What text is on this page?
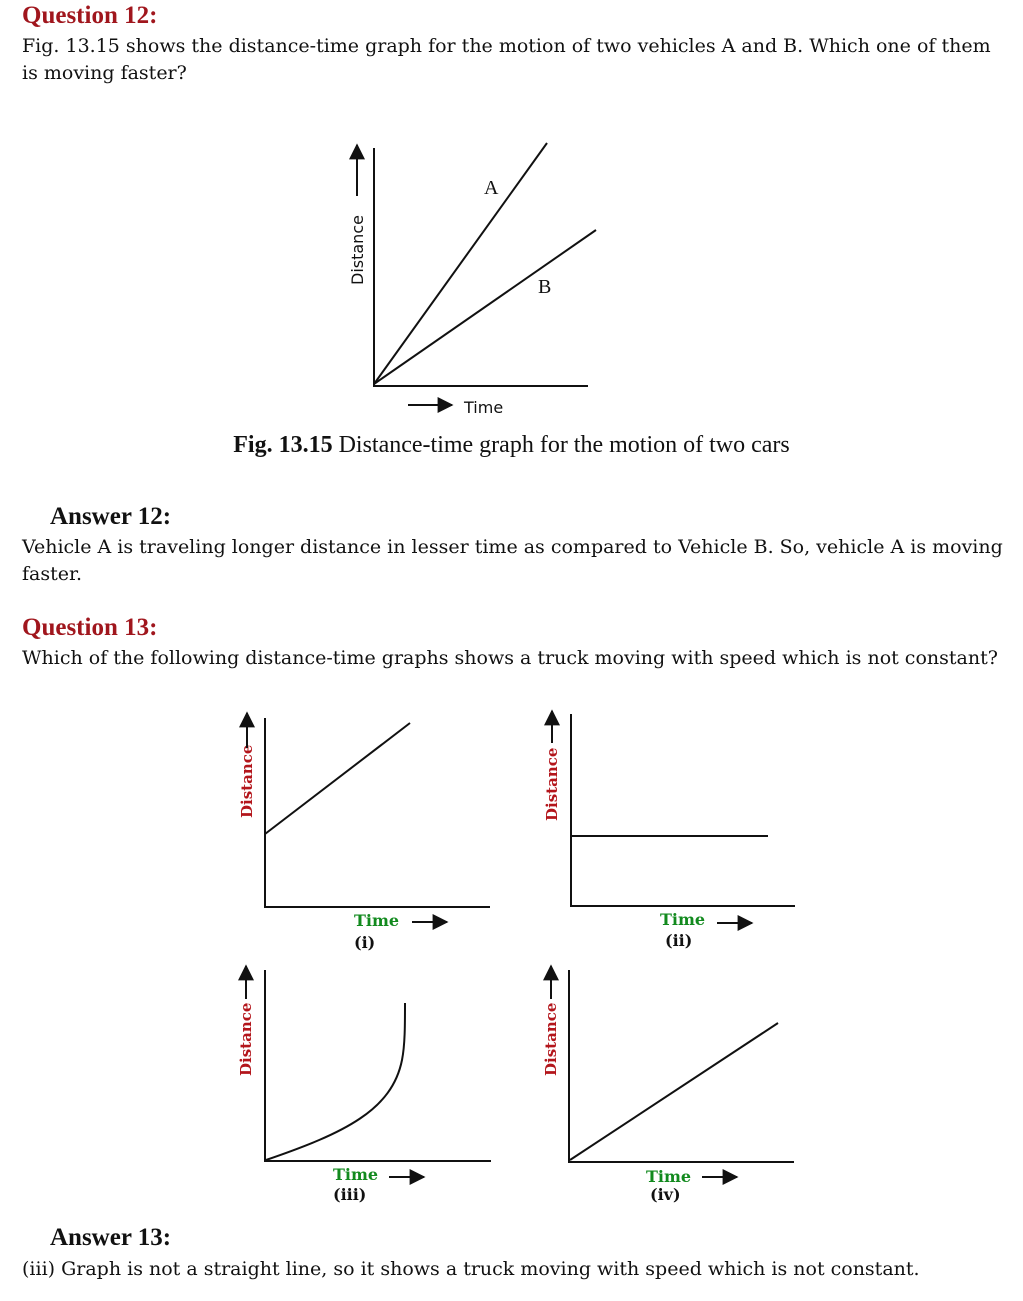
Question 12:
Fig. 13.15 shows the distance-time graph for the motion of two vehicles A and B. Which one of them is moving faster?
A
B
Distance
Time
Distance
Time
(i)
Distance
Time
(ii)
Distance
Time
(iii)
Distance
Time
(iv)
Fig. 13.15 Distance-time graph for the motion of two cars
Answer 12:
Vehicle A is traveling longer distance in lesser time as compared to Vehicle B. So, vehicle A is moving faster.
Question 13:
Which of the following distance-time graphs shows a truck moving with speed which is not constant?
Answer 13:
(iii) Graph is not a straight line, so it shows a truck moving with speed which is not constant.
